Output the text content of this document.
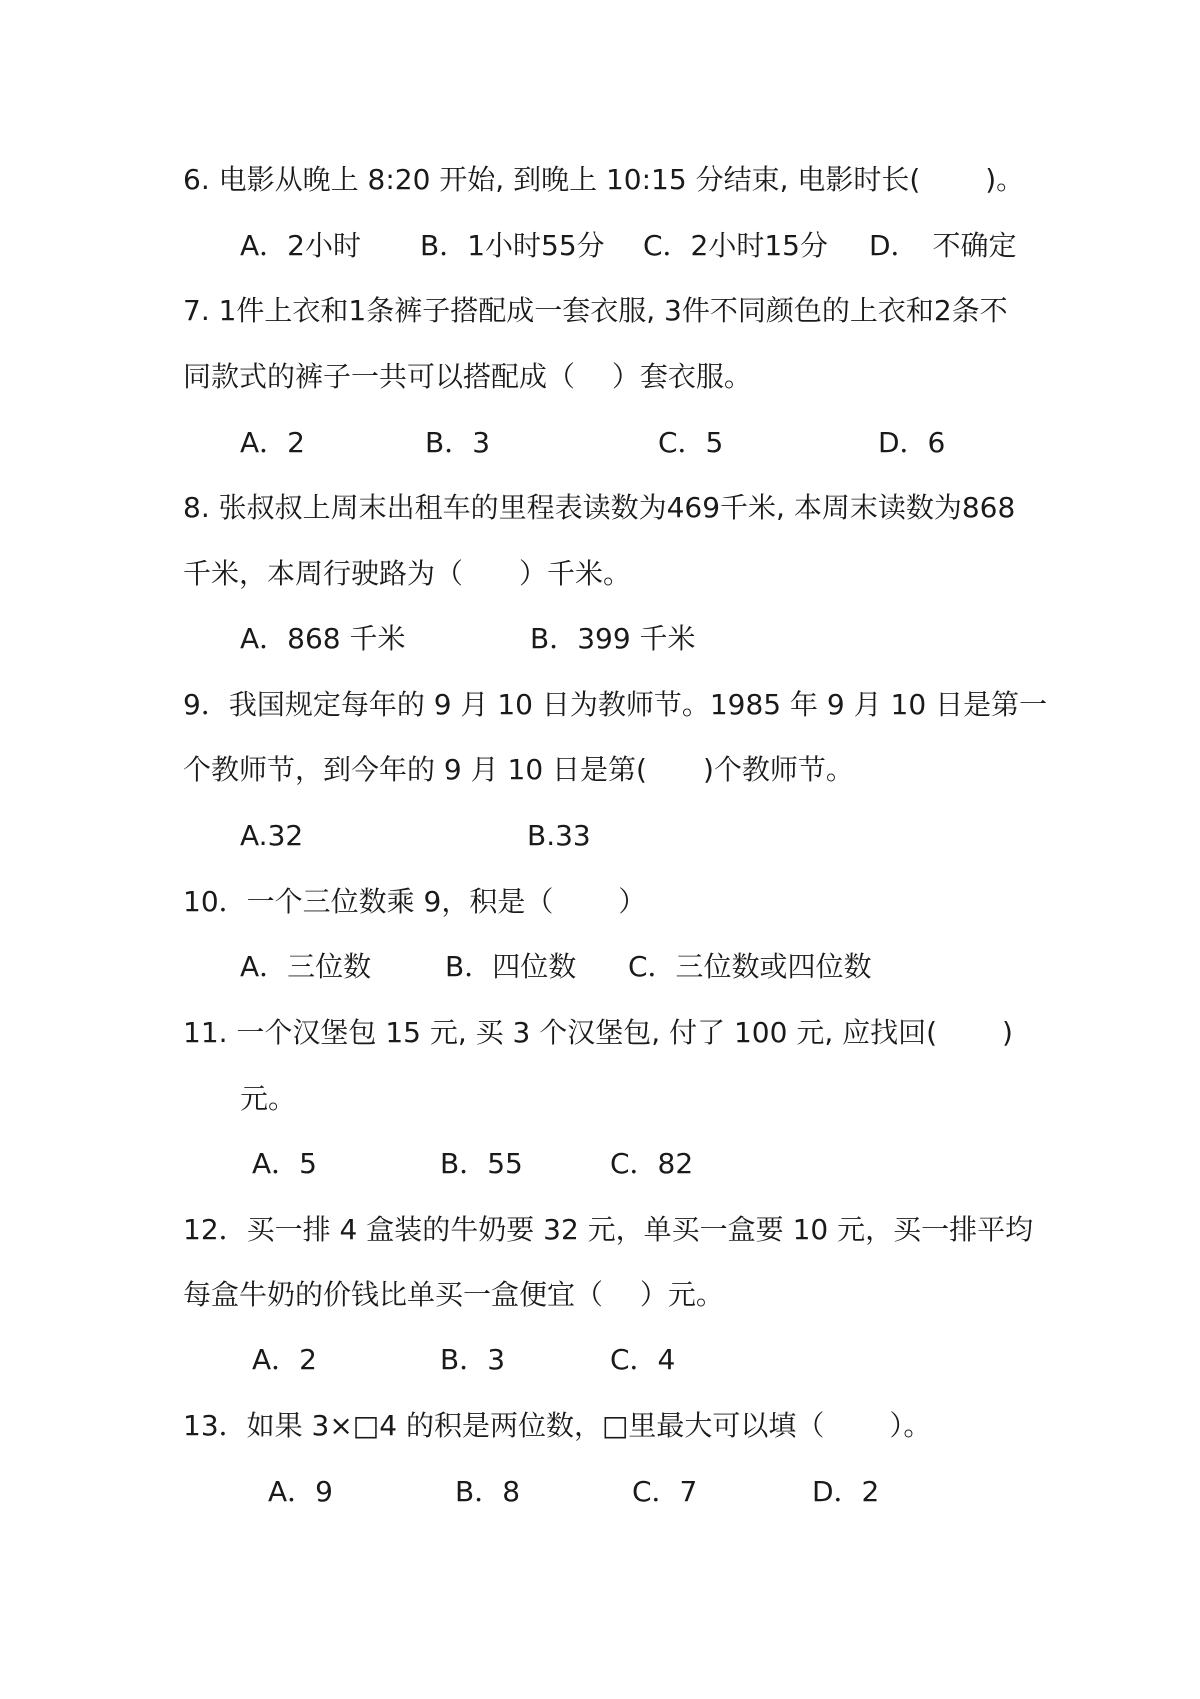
6. 电影从晚上 8:20 开始, 到晚上 10:15 分结束, 电影时长(　　 )。
A．2小时 B．1小时55分 C．2小时15分 D．　不确定
7. 1件上衣和1条裤子搭配成一套衣服, 3件不同颜色的上衣和2条不
同款式的裤子一共可以搭配成（　 ）套衣服。
A．2	B．3	C．5	D．6
8. 张叔叔上周末出租车的里程表读数为469千米, 本周末读数为868
千米，本周行驶路为（　　）千米。
A．868 千米	B．399 千米
9．我国规定每年的 9 月 10 日为教师节。1985 年 9 月 10 日是第一
个教师节，到今年的 9 月 10 日是第(　　)个教师节。
A.32	B.33
10．一个三位数乘 9，积是（　　 ）
A．三位数	B．四位数 C．三位数或四位数
11. 一个汉堡包 15 元, 买 3 个汉堡包, 付了 100 元, 应找回(　　 )
元。
A．5	B．55	C．82
12．买一排 4 盒装的牛奶要 32 元，单买一盒要 10 元，买一排平均
每盒牛奶的价钱比单买一盒便宜（　 ）元。
A．2	B．3	C．4
13．如果 3×□4 的积是两位数，□里最大可以填（　　 ）。
A．9	B．8	C．7	D．2
